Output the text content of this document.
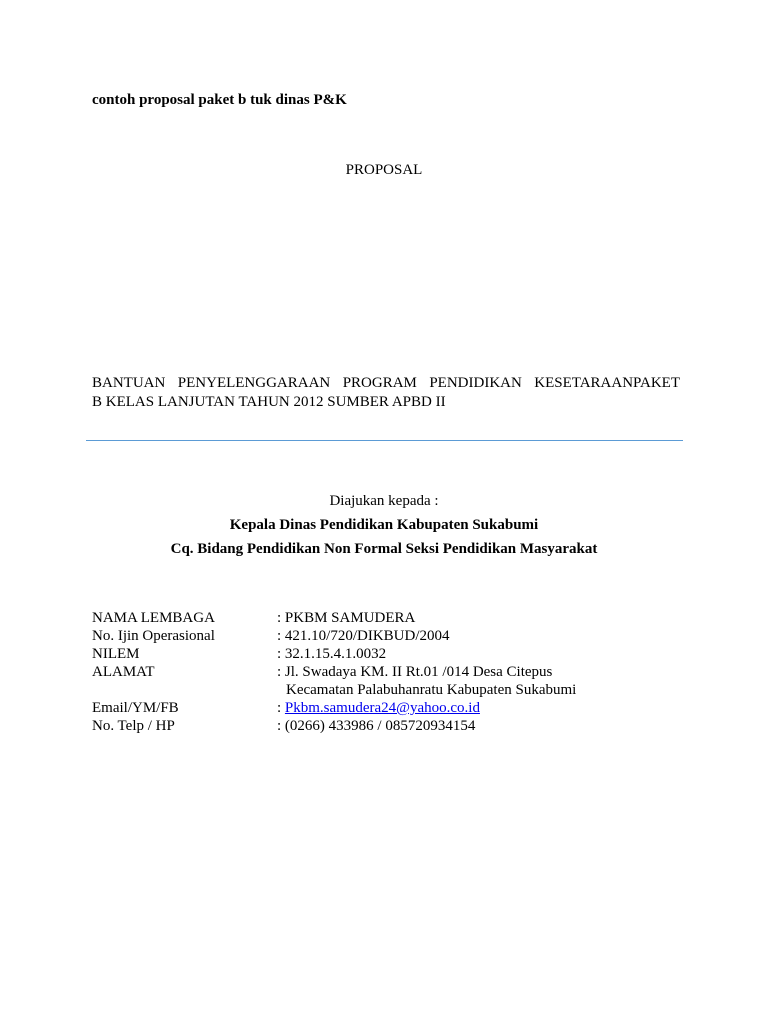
contoh proposal paket b tuk dinas P&K
PROPOSAL
BANTUAN PENYELENGGARAAN PROGRAM PENDIDIKAN KESETARAANPAKET
B KELAS LANJUTAN TAHUN 2012 SUMBER APBD II
Diajukan kepada :
Kepala Dinas Pendidikan Kabupaten Sukabumi
Cq. Bidang Pendidikan Non Formal Seksi Pendidikan Masyarakat
NAMA LEMBAGA	: PKBM SAMUDERA
No. Ijin Operasional	: 421.10/720/DIKBUD/2004
NILEM	: 32.1.15.4.1.0032
ALAMAT	: Jl. Swadaya KM. II Rt.01 /014 Desa Citepus
Kecamatan Palabuhanratu Kabupaten Sukabumi
Email/YM/FB	: Pkbm.samudera24@yahoo.co.id
No. Telp / HP	: (0266) 433986 / 085720934154
